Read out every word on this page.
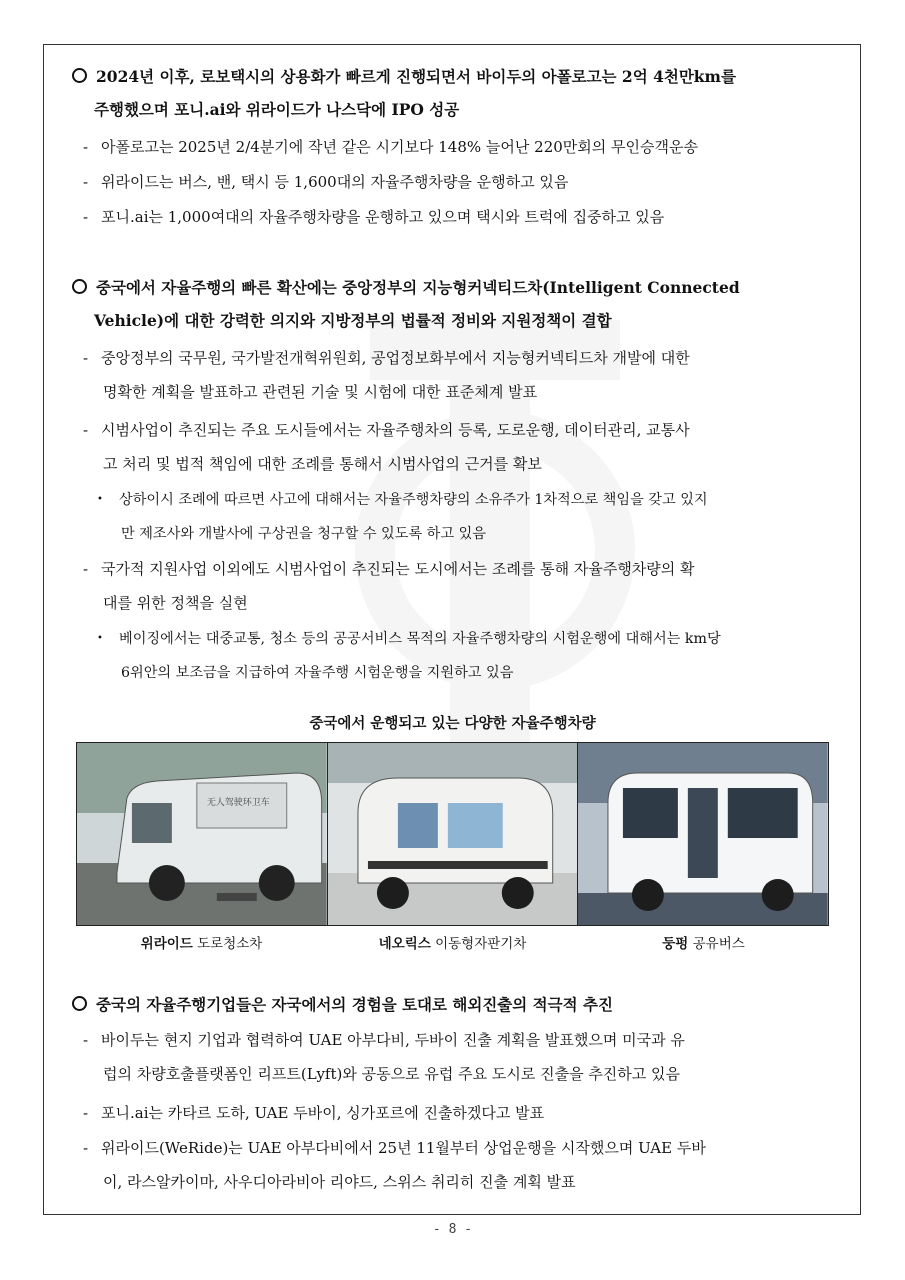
2024년 이후, 로보택시의 상용화가 빠르게 진행되면서 바이두의 아폴로고는 2억 4천만km를
주행했으며 포니.ai와 위라이드가 나스닥에 IPO 성공
- 아폴로고는 2025년 2/4분기에 작년 같은 시기보다 148% 늘어난 220만회의 무인승객운송
- 위라이드는 버스, 밴, 택시 등 1,600대의 자율주행차량을 운행하고 있음
- 포니.ai는 1,000여대의 자율주행차량을 운행하고 있으며 택시와 트럭에 집중하고 있음
중국에서 자율주행의 빠른 확산에는 중앙정부의 지능형커넥티드차(Intelligent Connected
Vehicle)에 대한 강력한 의지와 지방정부의 법률적 정비와 지원정책이 결합
- 중앙정부의 국무원, 국가발전개혁위원회, 공업정보화부에서 지능형커넥티드차 개발에 대한
명확한 계획을 발표하고 관련된 기술 및 시험에 대한 표준체계 발표
- 시범사업이 추진되는 주요 도시들에서는 자율주행차의 등록, 도로운행, 데이터관리, 교통사
고 처리 및 법적 책임에 대한 조례를 통해서 시범사업의 근거를 확보
• 상하이시 조례에 따르면 사고에 대해서는 자율주행차량의 소유주가 1차적으로 책임을 갖고 있지
만 제조사와 개발사에 구상권을 청구할 수 있도록 하고 있음
- 국가적 지원사업 이외에도 시범사업이 추진되는 도시에서는 조례를 통해 자율주행차량의 확
대를 위한 정책을 실현
• 베이징에서는 대중교통, 청소 등의 공공서비스 목적의 자율주행차량의 시험운행에 대해서는 km당
6위안의 보조금을 지급하여 자율주행 시험운행을 지원하고 있음
중국에서 운행되고 있는 다양한 자율주행차량
无人驾驶环卫车
위라이드 도로청소차	네오릭스 이동형자판기차	둥펑 공유버스
중국의 자율주행기업들은 자국에서의 경험을 토대로 해외진출의 적극적 추진
- 바이두는 현지 기업과 협력하여 UAE 아부다비, 두바이 진출 계획을 발표했으며 미국과 유
럽의 차량호출플랫폼인 리프트(Lyft)와 공동으로 유럽 주요 도시로 진출을 추진하고 있음
- 포니.ai는 카타르 도하, UAE 두바이, 싱가포르에 진출하겠다고 발표
- 위라이드(WeRide)는 UAE 아부다비에서 25년 11월부터 상업운행을 시작했으며 UAE 두바
이, 라스알카이마, 사우디아라비아 리야드, 스위스 취리히 진출 계획 발표
- 8 -
